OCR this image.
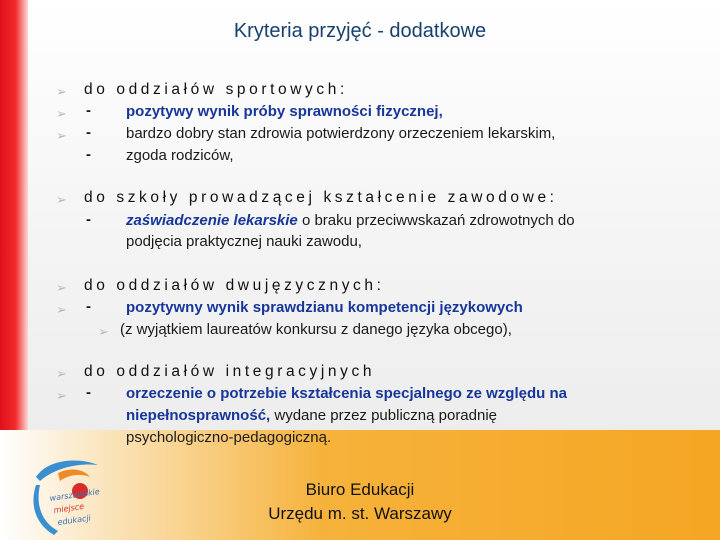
Kryteria przyjęć - dodatkowe
➢ do oddziałów sportowych:
➢ - pozytywy wynik próby sprawności fizycznej,
➢ - bardzo dobry stan zdrowia potwierdzony orzeczeniem lekarskim,
- zgoda rodziców,
➢ do szkoły prowadzącej kształcenie zawodowe:
- zaświadczenie lekarskie o braku przeciwwskazań zdrowotnych do
podjęcia praktycznej nauki zawodu,
➢ do oddziałów dwujęzycznych:
➢ - pozytywny wynik sprawdzianu kompetencji językowych
➢ (z wyjątkiem laureatów konkursu z danego języka obcego),
➢ do oddziałów integracyjnych
➢ - orzeczenie o potrzebie kształcenia specjalnego ze względu na
niepełnosprawność, wydane przez publiczną poradnię
psychologiczno-pedagogiczną.
warszawskie
miejsce
edukacji
Biuro Edukacji
Urzędu m. st. Warszawy
